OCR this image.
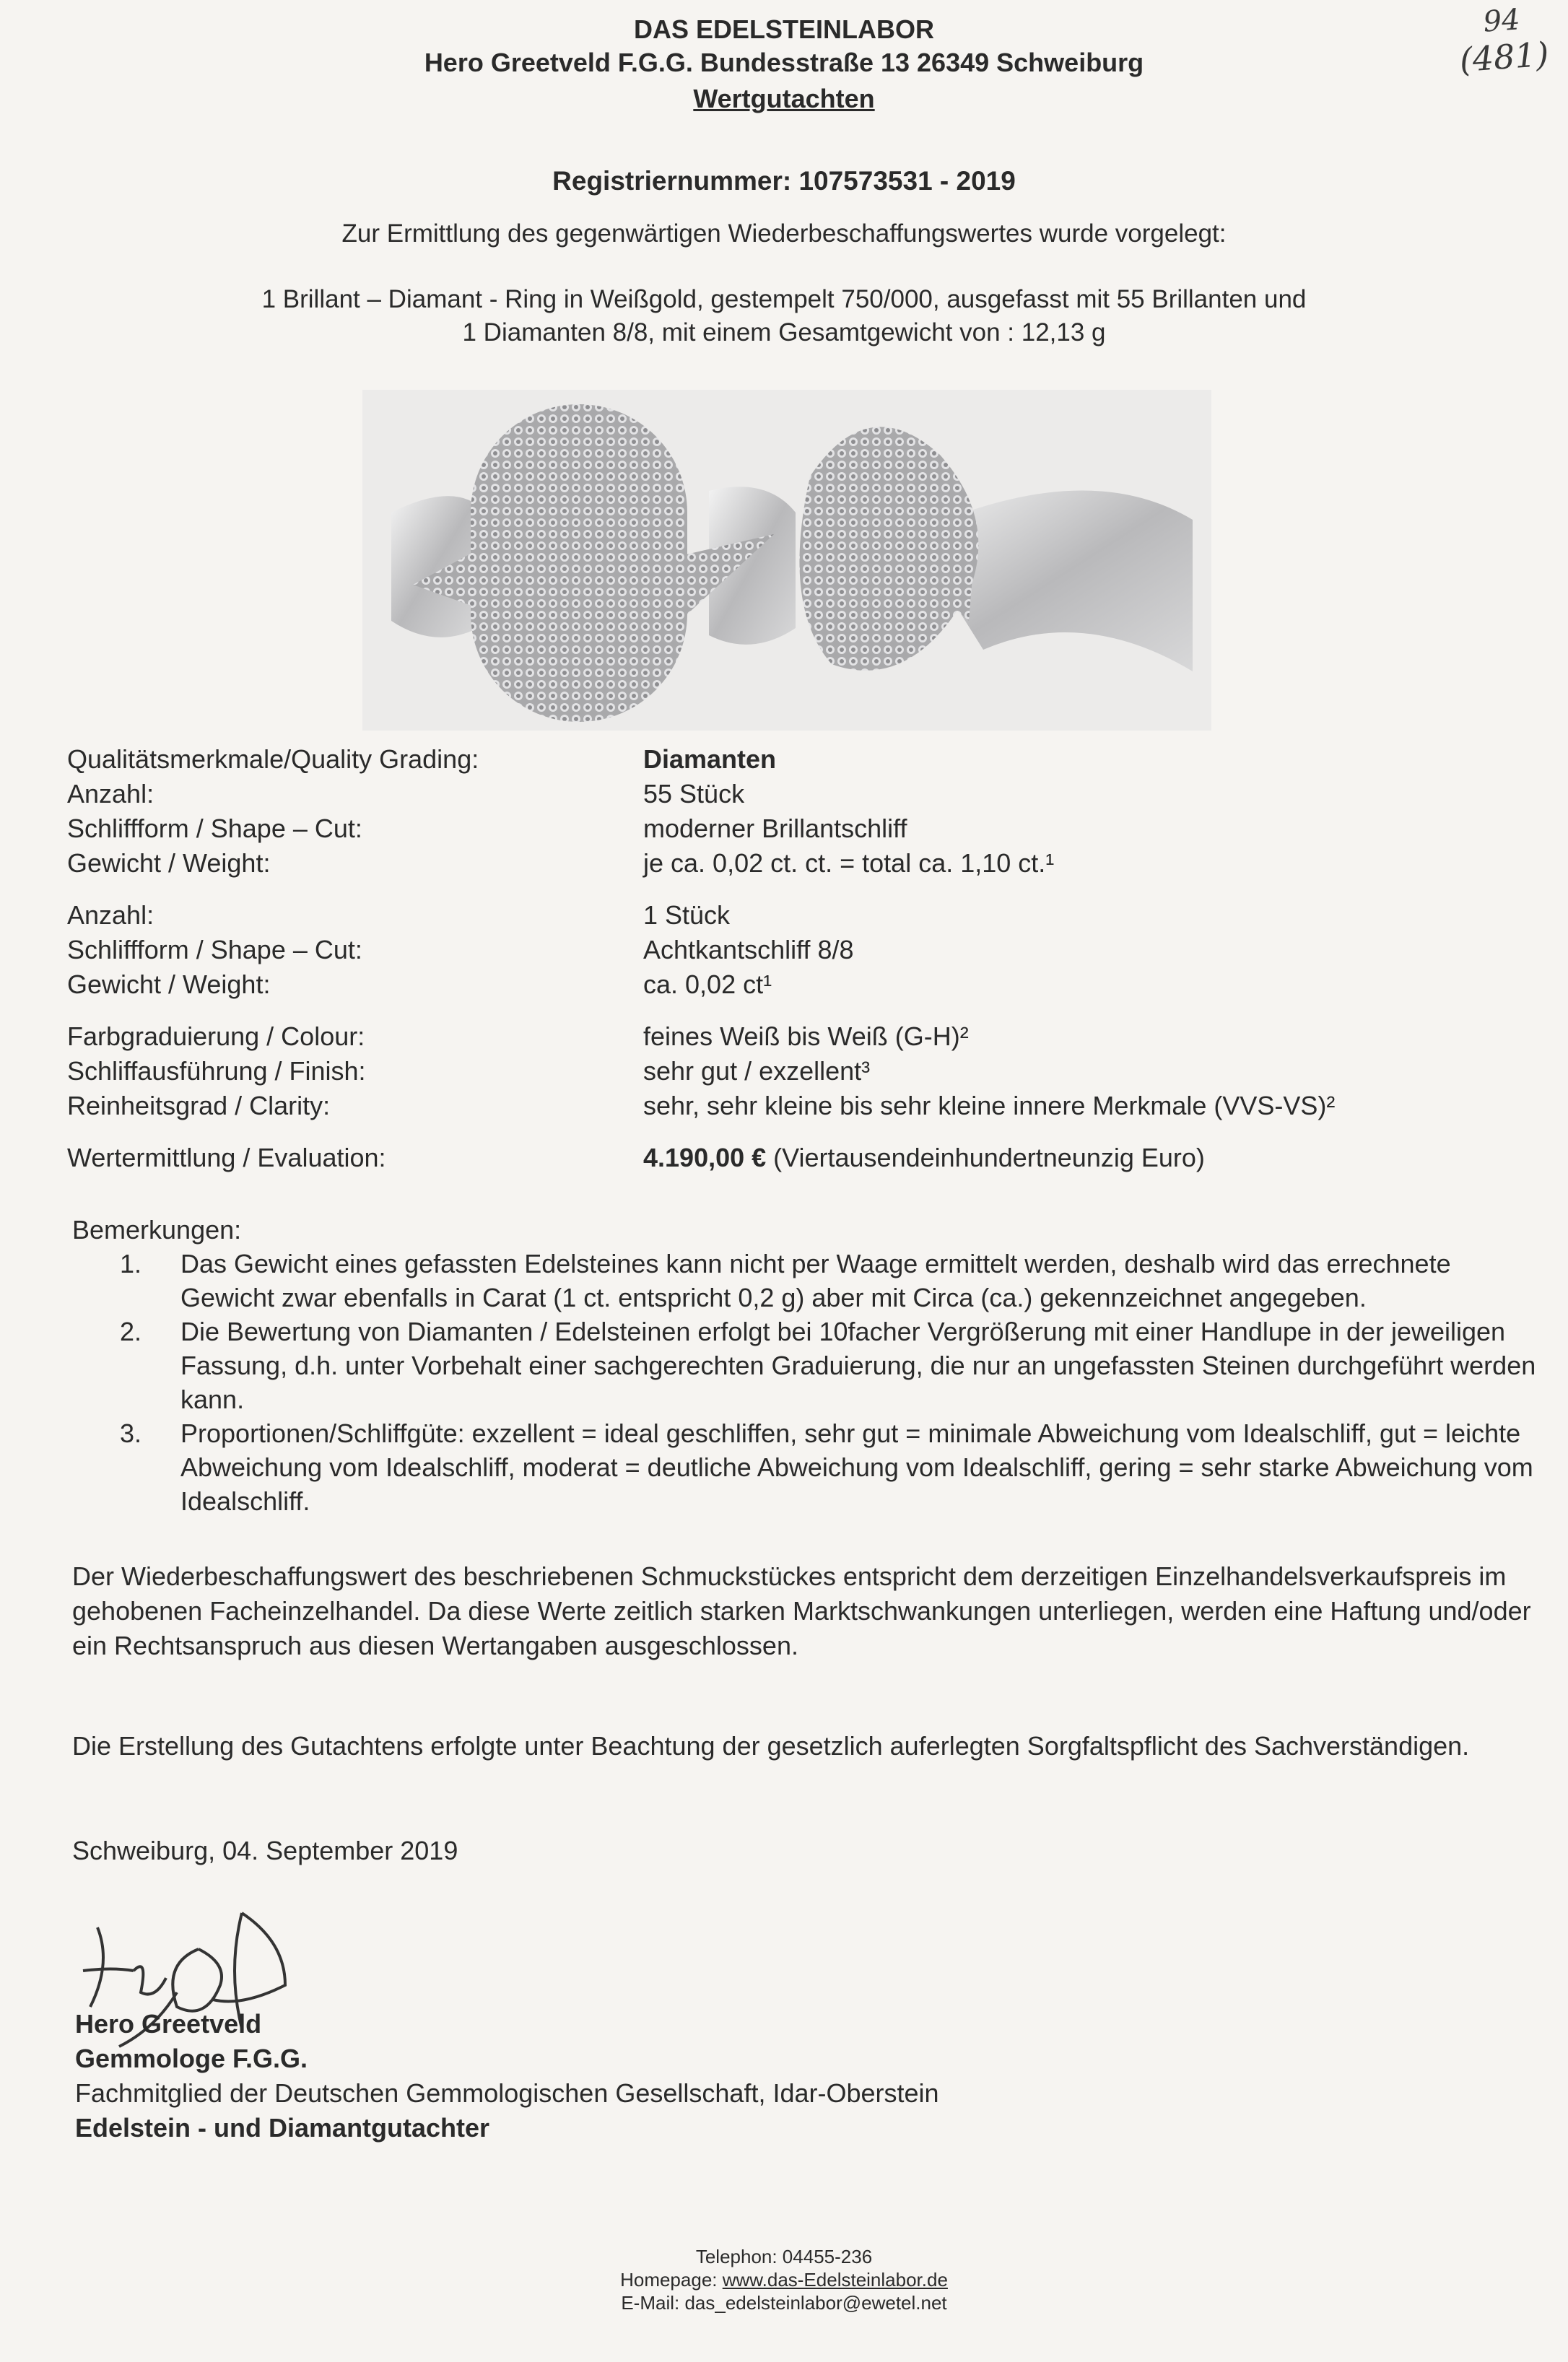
94
(481)
DAS EDELSTEINLABOR
Hero Greetveld F.G.G. Bundesstraße 13 26349 Schweiburg
Wertgutachten
Registriernummer: 107573531 - 2019
Zur Ermittlung des gegenwärtigen Wiederbeschaffungswertes wurde vorgelegt:
1 Brillant – Diamant - Ring in Weißgold, gestempelt 750/000, ausgefasst mit 55 Brillanten und
1 Diamanten 8/8, mit einem Gesamtgewicht von : 12,13 g
Qualitätsmerkmale/Quality Grading:	Diamanten
Anzahl:	55 Stück
Schliffform / Shape – Cut:	moderner Brillantschliff
Gewicht / Weight:	je ca. 0,02 ct. ct. = total ca. 1,10 ct.¹
Anzahl:	1 Stück
Schliffform / Shape – Cut:	Achtkantschliff 8/8
Gewicht / Weight:	ca. 0,02 ct¹
Farbgraduierung / Colour:	feines Weiß bis Weiß (G-H)²
Schliffausführung / Finish:	sehr gut / exzellent³
Reinheitsgrad / Clarity:	sehr, sehr kleine bis sehr kleine innere Merkmale (VVS-VS)²
Wertermittlung / Evaluation:	4.190,00 € (Viertausendeinhundertneunzig Euro)
Bemerkungen:
1.	Das Gewicht eines gefassten Edelsteines kann nicht per Waage ermittelt werden, deshalb wird das errechnete Gewicht zwar ebenfalls in Carat (1 ct. entspricht 0,2 g) aber mit Circa (ca.) gekennzeichnet angegeben.
2.	Die Bewertung von Diamanten / Edelsteinen erfolgt bei 10facher Vergrößerung mit einer Handlupe in der jeweiligen Fassung, d.h. unter Vorbehalt einer sachgerechten Graduierung, die nur an ungefassten Steinen durchgeführt werden kann.
3.	Proportionen/Schliffgüte: exzellent = ideal geschliffen, sehr gut = minimale Abweichung vom Idealschliff, gut = leichte Abweichung vom Idealschliff, moderat = deutliche Abweichung vom Idealschliff, gering = sehr starke Abweichung vom Idealschliff.
Der Wiederbeschaffungswert des beschriebenen Schmuckstückes entspricht dem derzeitigen Einzelhandelsverkaufspreis im gehobenen Facheinzelhandel. Da diese Werte zeitlich starken Marktschwankungen unterliegen, werden eine Haftung und/oder ein Rechtsanspruch aus diesen Wertangaben ausgeschlossen.
Die Erstellung des Gutachtens erfolgte unter Beachtung der gesetzlich auferlegten Sorgfaltspflicht des Sachverständigen.
Schweiburg, 04. September 2019
Hero Greetveld
Gemmologe F.G.G.
Fachmitglied der Deutschen Gemmologischen Gesellschaft, Idar-Oberstein
Edelstein - und Diamantgutachter
Telephon: 04455-236
Homepage: www.das-Edelsteinlabor.de
E-Mail: das_edelsteinlabor@ewetel.net
